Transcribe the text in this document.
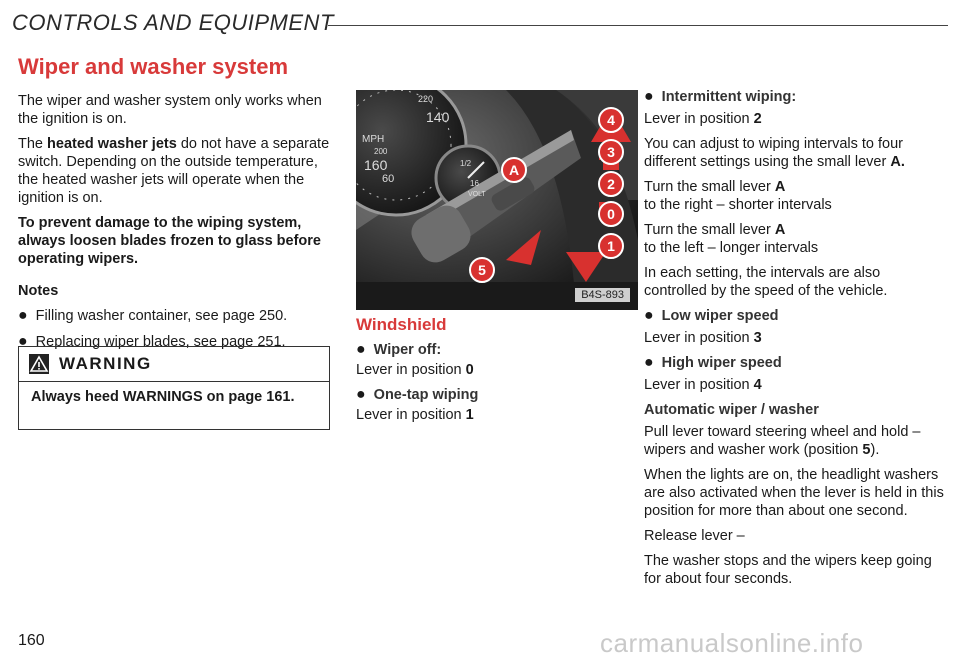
CONTROLS AND EQUIPMENT
Wiper and washer system

The wiper and washer system only works when the ignition is on.

The heated washer jets do not have a separate switch. Depending on the outside temperature, the heated washer jets will operate when the ignition is on.

To prevent damage to the wiping system, always loosen blades frozen to glass before operating wipers.

Notes

● Filling washer container, see page 250.
● Replacing wiper blades, see page 251.
WARNING
Always heed WARNINGS on page 161.
4
3
2
0
1
5
A
220
140
MPH
200
160
60
1/2
16
VOLT
B4S-893

Windshield

● Wiper off:

Lever in position 0

● One-tap wiping

Lever in position 1

● Intermittent wiping:

Lever in position 2

You can adjust to wiping intervals to four different settings using the small lever A.

Turn the small lever A
to the right – shorter intervals

Turn the small lever A
to the left – longer intervals

In each setting, the intervals are also controlled by the speed of the vehicle.

● Low wiper speed

Lever in position 3

● High wiper speed

Lever in position 4

Automatic wiper / washer

Pull lever toward steering wheel and hold – wipers and washer work (position 5).

When the lights are on, the headlight washers are also activated when the lever is held in this position for more than about one second.

Release lever –

The washer stops and the wipers keep going for about four seconds.

160	carmanualsonline.info
